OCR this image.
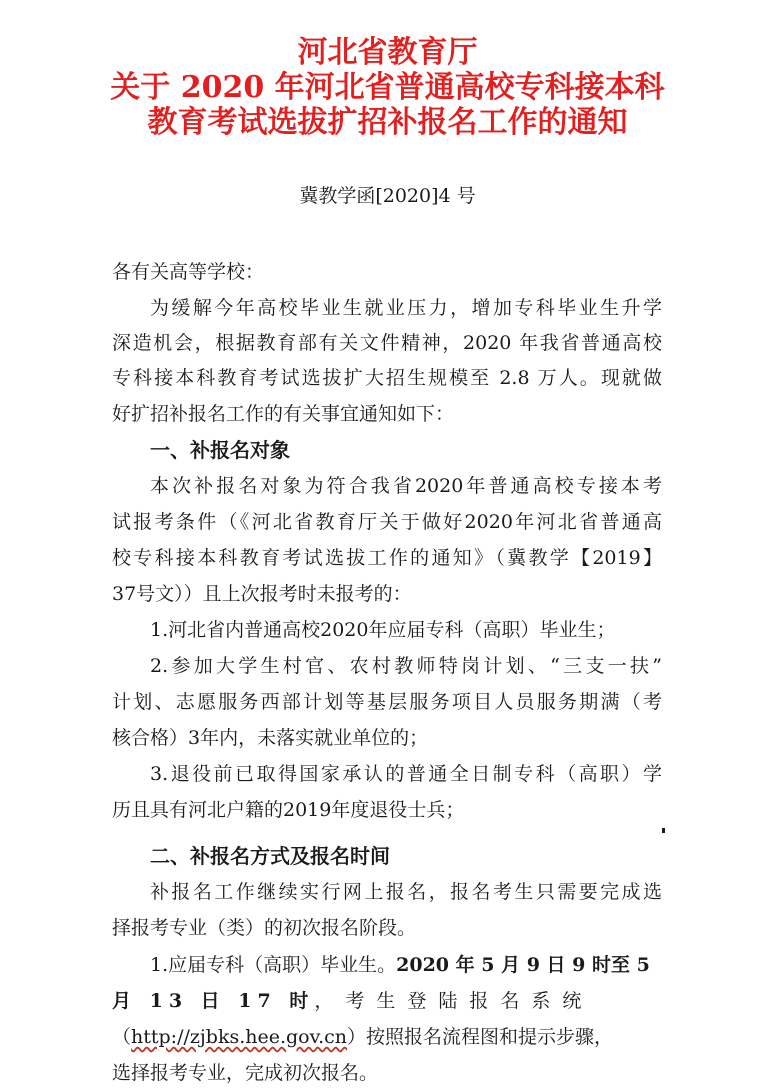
河北省教育厅
关于 2020 年河北省普通高校专科接本科
教育考试选拔扩招补报名工作的通知
冀教学函[2020]4 号
各有关高等学校：
为缓解今年高校毕业生就业压力，增加专科毕业生升学
深造机会，根据教育部有关文件精神，2020 年我省普通高校
专科接本科教育考试选拔扩大招生规模至 2.8 万人。现就做
好扩招补报名工作的有关事宜通知如下：
一、补报名对象
本次补报名对象为符合我省2020年普通高校专接本考
试报考条件（《河北省教育厅关于做好2020年河北省普通高
校专科接本科教育考试选拔工作的通知》（冀教学【2019】
37号文））且上次报考时未报考的：
1.河北省内普通高校2020年应届专科（高职）毕业生；
2.参加大学生村官、农村教师特岗计划、“三支一扶”
计划、志愿服务西部计划等基层服务项目人员服务期满（考
核合格）3年内，未落实就业单位的；
3.退役前已取得国家承认的普通全日制专科（高职）学
历且具有河北户籍的2019年度退役士兵；
二、补报名方式及报名时间
补报名工作继续实行网上报名，报名考生只需要完成选
择报考专业（类）的初次报名阶段。
1.应届专科（高职）毕业生。2020 年 5 月 9 日 9 时至 5
月 13 日 17 时，考生登陆报名系统
（http://zjbks.hee.gov.cn）按照报名流程图和提示步骤，
选择报考专业，完成初次报名。
